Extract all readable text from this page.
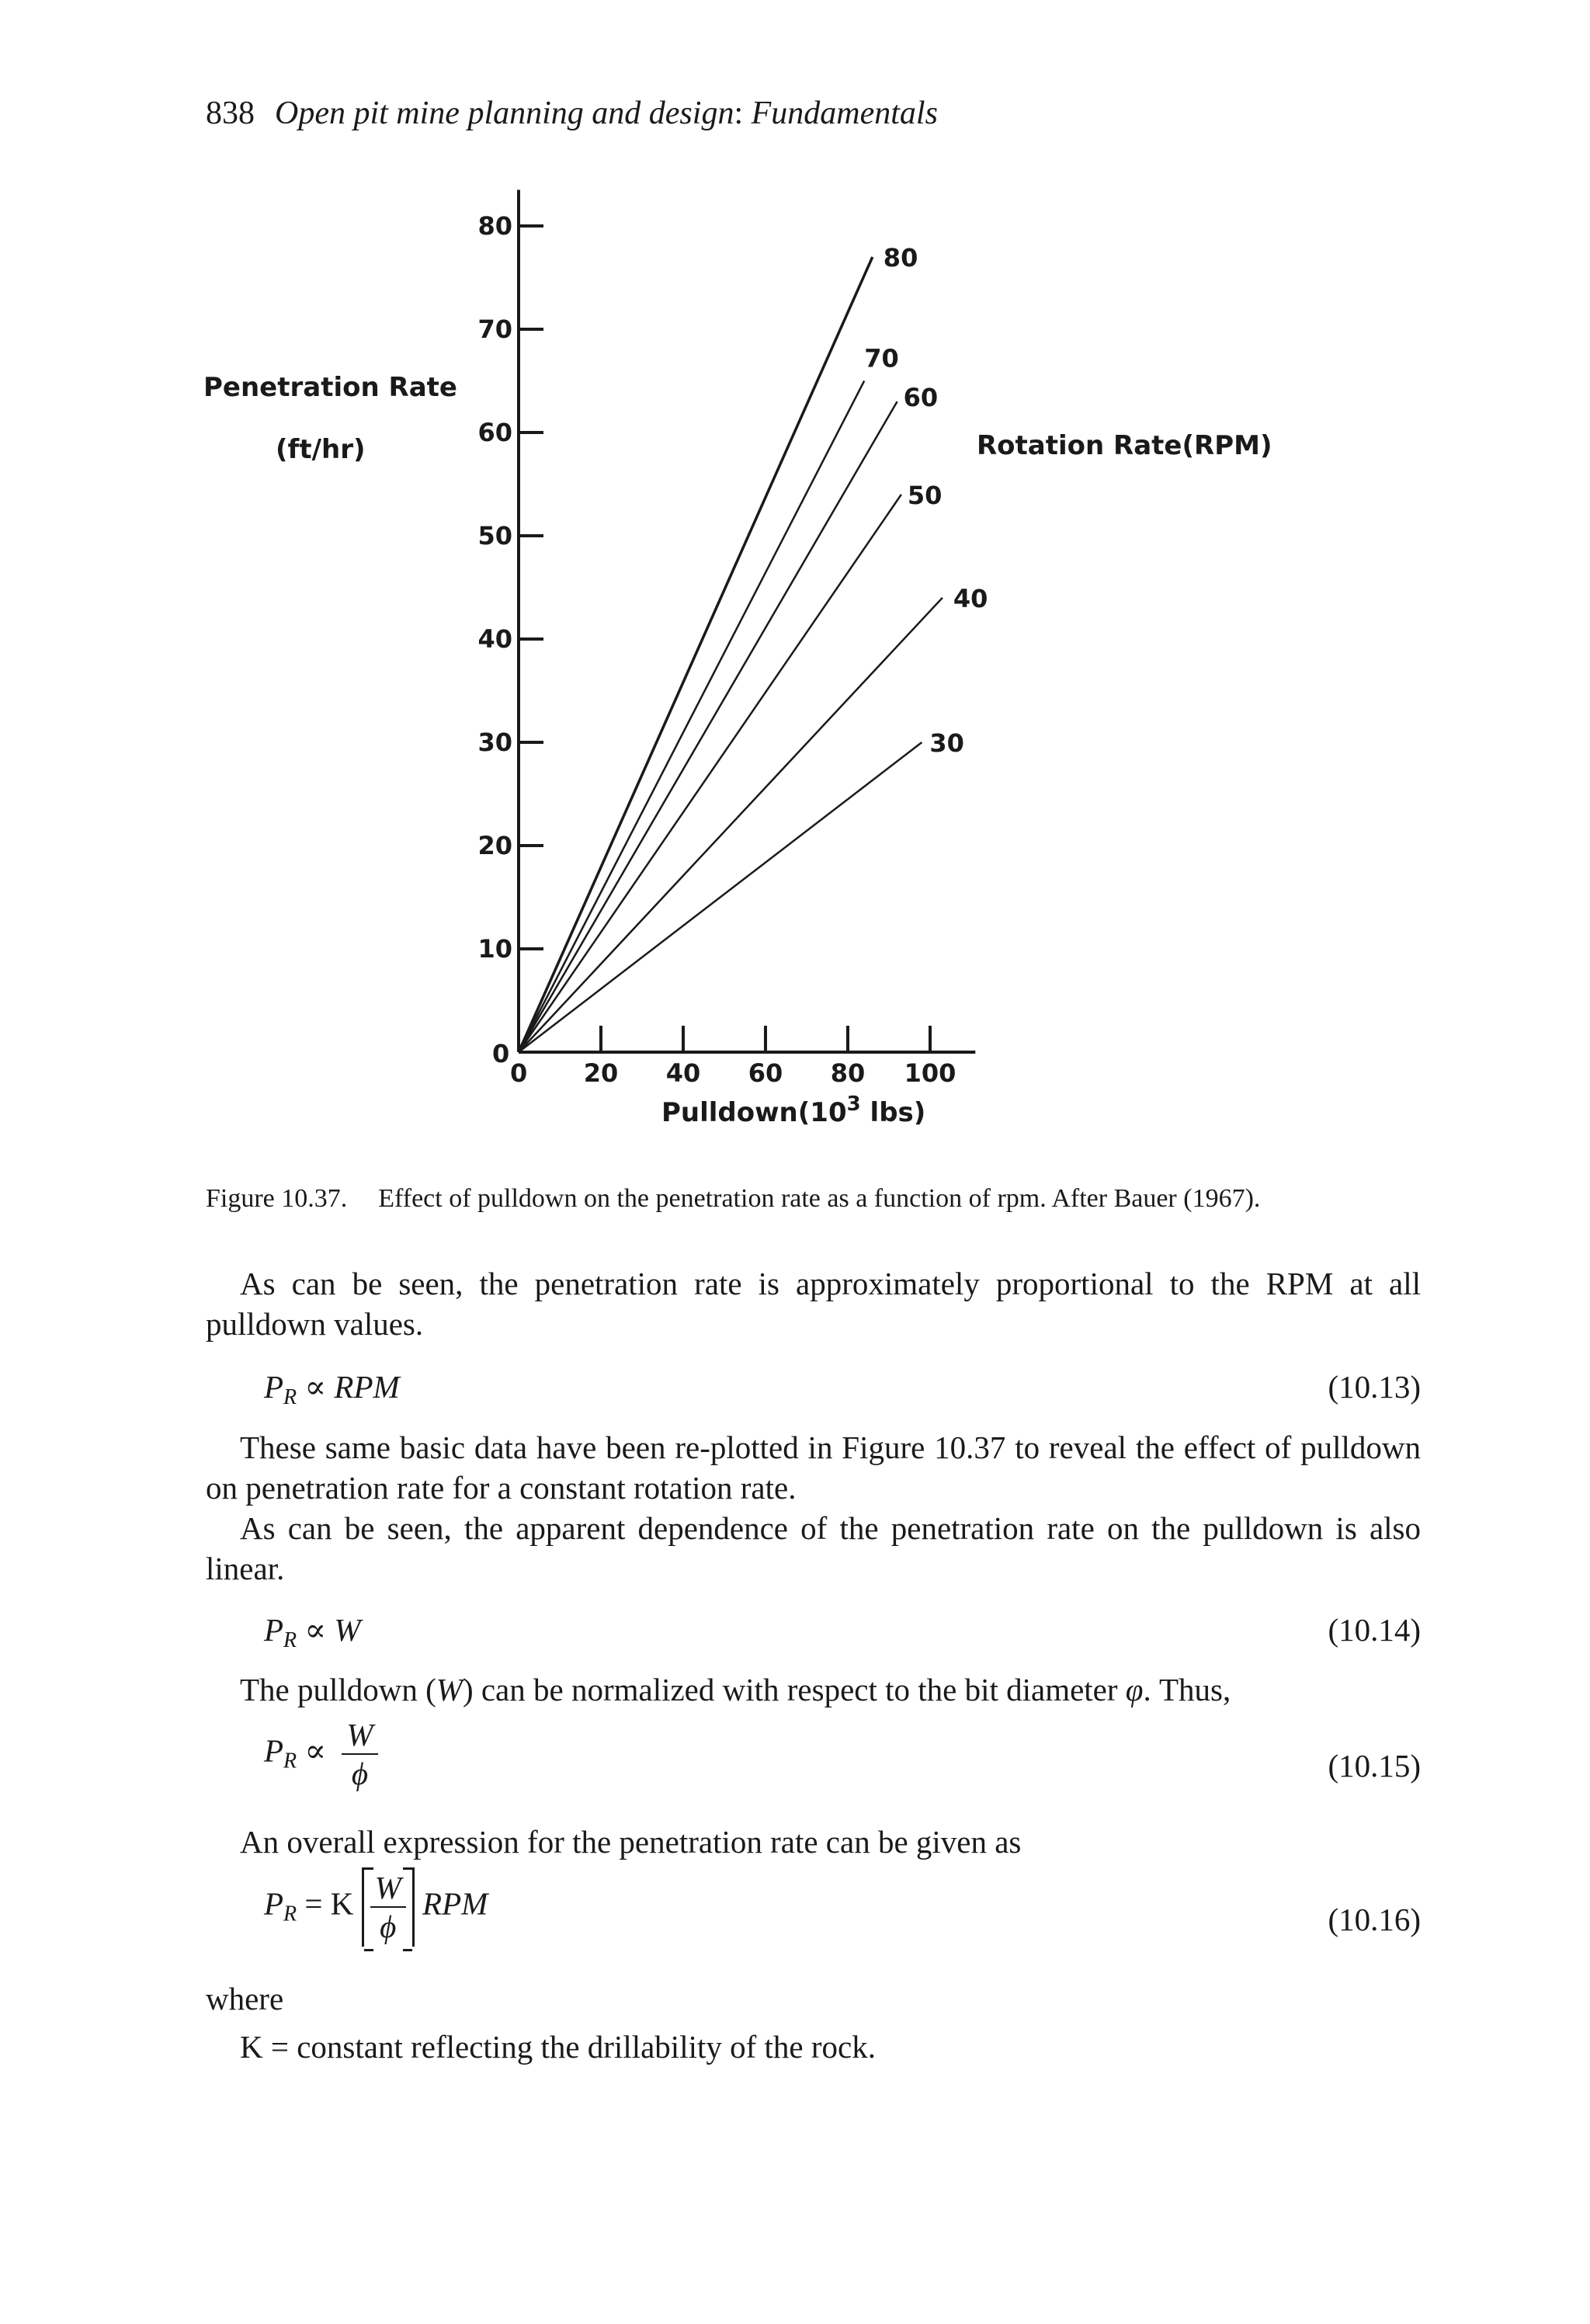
838 Open pit mine planning and design: Fundamentals
10
20
30
40
50
60
70
80
20 40 60 80 100
80
70
60
50
40
30
Penetration Rate
(ft/hr)	Rotation Rate(RPM)
$Pulldown(10^3$ lbs)
0
0
Figure 10.37. Effect of pulldown on the penetration rate as a function of rpm. After Bauer (1967).
As can be seen, the penetration rate is approximately proportional to the RPM at all pulldown values.
$P_R$ ∝ RPM	(10.13)
These same basic data have been re-plotted in Figure 10.37 to reveal the effect of pulldown on penetration rate for a constant rotation rate.
As can be seen, the apparent dependence of the penetration rate on the pulldown is also linear.
$P_R \propto W$	(10.14)
The pulldown (W) can be normalized with respect to the bit diameter φ. Thus,
$P_R \propto \frac{W}{\phi}$	(10.15)
An overall expression for the penetration rate can be given as
$P_R = K \frac{W}{\phi}$ RPM	(10.16)
where
K = constant reflecting the drillability of the rock.
